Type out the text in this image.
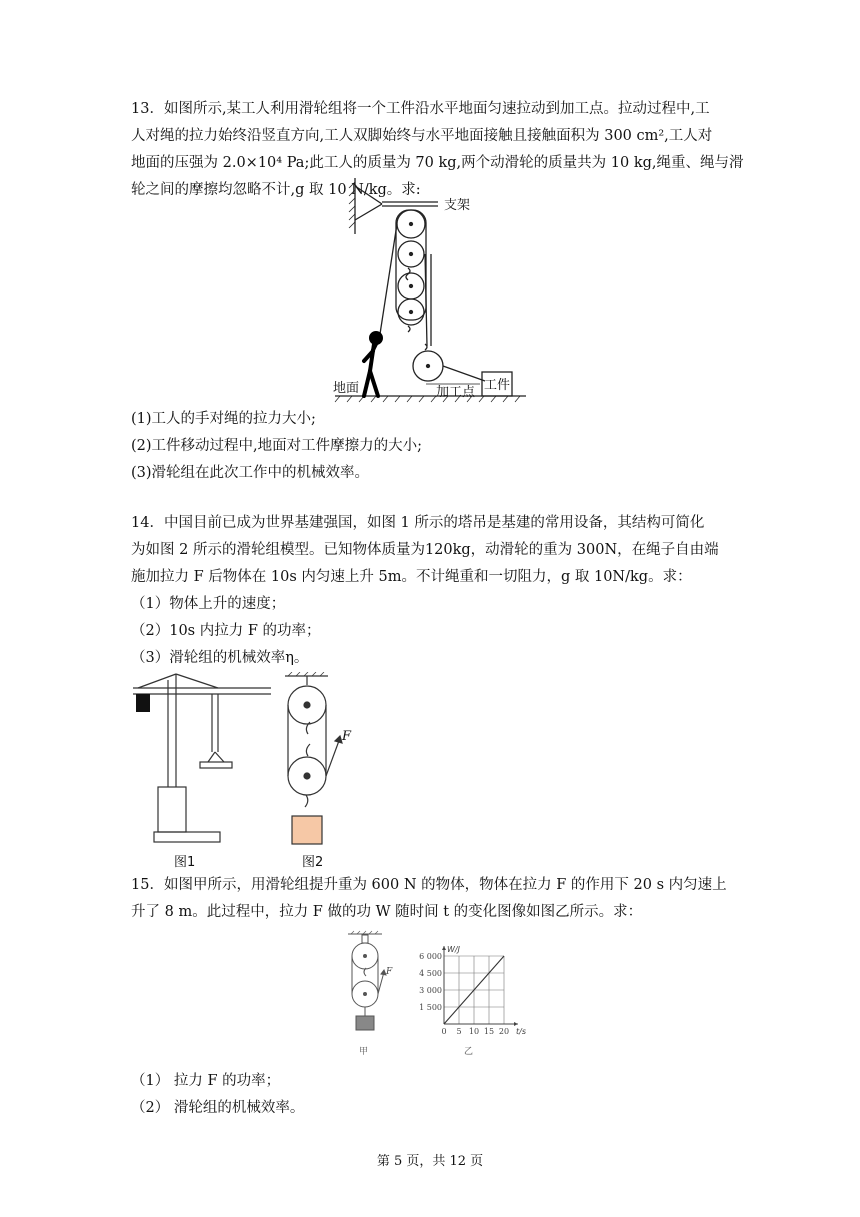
13．如图所示,某工人利用滑轮组将一个工件沿水平地面匀速拉动到加工点。拉动过程中,工
人对绳的拉力始终沿竖直方向,工人双脚始终与水平地面接触且接触面积为 300 cm²,工人对
地面的压强为 2.0×10⁴ Pa;此工人的质量为 70 kg,两个动滑轮的质量共为 10 kg,绳重、绳与滑
轮之间的摩擦均忽略不计,g 取 10 N/kg。求:
支架
地面	加工点 工件
(1)工人的手对绳的拉力大小;
(2)工件移动过程中,地面对工件摩擦力的大小;
(3)滑轮组在此次工作中的机械效率。
14．中国目前已成为世界基建强国，如图 1 所示的塔吊是基建的常用设备，其结构可简化
为如图 2 所示的滑轮组模型。已知物体质量为120kg，动滑轮的重为 300N，在绳子自由端
施加拉力 F 后物体在 10s 内匀速上升 5m。不计绳重和一切阻力，g 取 10N/kg。求：
（1）物体上升的速度；
（2）10s 内拉力 F 的功率；
（3）滑轮组的机械效率η。
F
图1	图2
15．如图甲所示，用滑轮组提升重为 600 N 的物体，物体在拉力 F 的作用下 20 s 内匀速上
升了 8 m。此过程中，拉力 F 做的功 W 随时间 t 的变化图像如图乙所示。求：
F
甲
W/J
t/s
6 000
4 500
3 000
1 500
0 5 10 15 20
乙
（1） 拉力 F 的功率；
（2） 滑轮组的机械效率。
第 5 页，共 12 页
